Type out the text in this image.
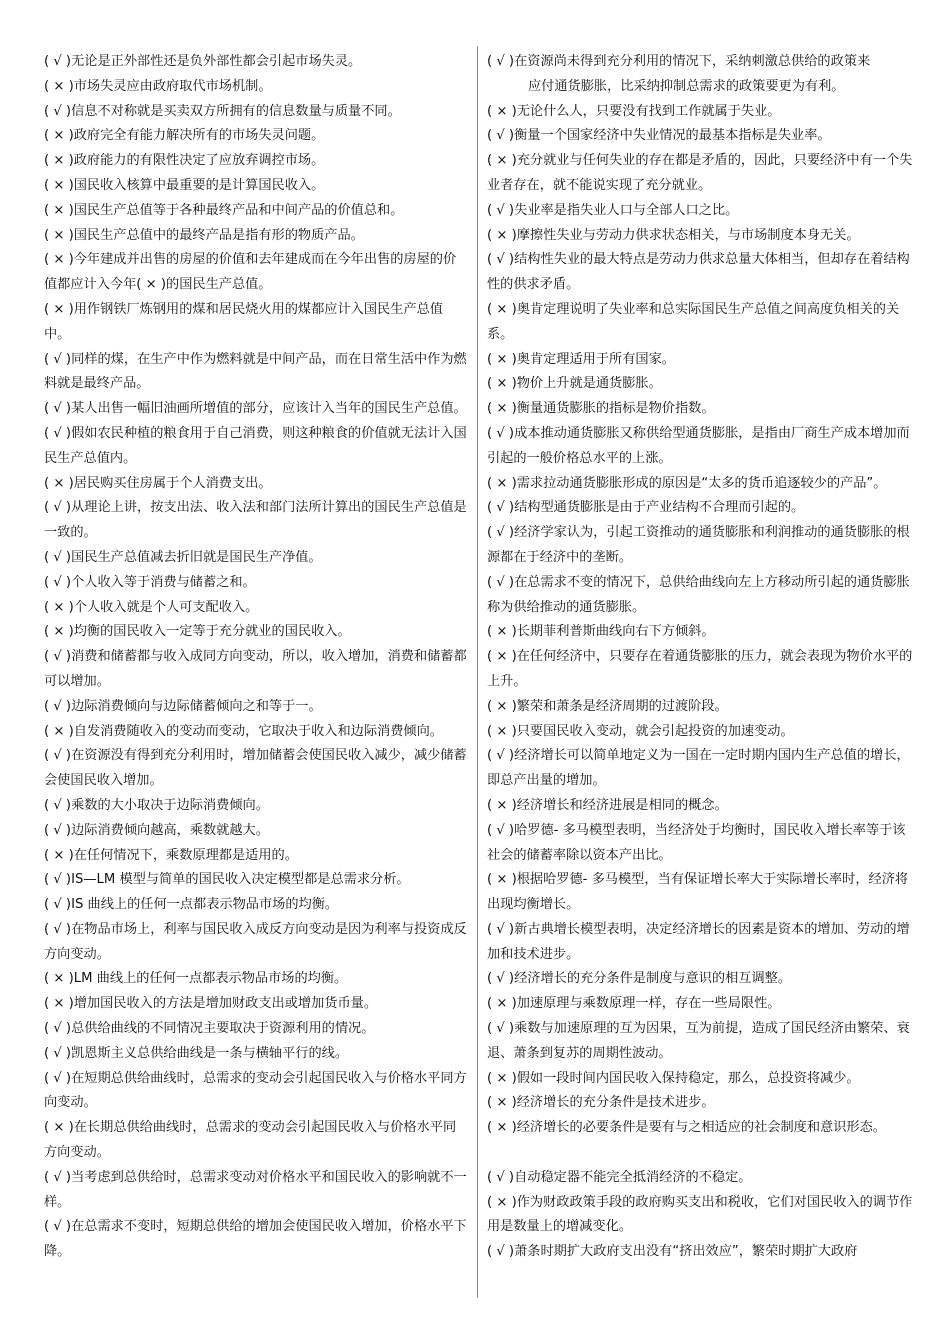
( √ )无论是正外部性还是负外部性都会引起市场失灵。

( × )市场失灵应由政府取代市场机制。

( √ )信息不对称就是买卖双方所拥有的信息数量与质量不同。

( × )政府完全有能力解决所有的市场失灵问题。

( × )政府能力的有限性决定了应放弃调控市场。

( × )国民收入核算中最重要的是计算国民收入。

( × )国民生产总值等于各种最终产品和中间产品的价值总和。

( × )国民生产总值中的最终产品是指有形的物质产品。

( × )今年建成并出售的房屋的价值和去年建成而在今年出售的房屋的价值都应计入今年( × )的国民生产总值。

( × )用作钢铁厂炼钢用的煤和居民烧火用的煤都应计入国民生产总值中。

( √ )同样的煤，在生产中作为燃料就是中间产品，而在日常生活中作为燃料就是最终产品。

( √ )某人出售一幅旧油画所增值的部分，应该计入当年的国民生产总值。

( √ )假如农民种植的粮食用于自己消费，则这种粮食的价值就无法计入国民生产总值内。

( × )居民购买住房属于个人消费支出。

( √ )从理论上讲，按支出法、收入法和部门法所计算出的国民生产总值是一致的。

( √ )国民生产总值减去折旧就是国民生产净值。

( √ )个人收入等于消费与储蓄之和。

( × )个人收入就是个人可支配收入。

( × )均衡的国民收入一定等于充分就业的国民收入。

( √ )消费和储蓄都与收入成同方向变动，所以，收入增加，消费和储蓄都可以增加。

( √ )边际消费倾向与边际储蓄倾向之和等于一。

( × )自发消费随收入的变动而变动，它取决于收入和边际消费倾向。

( √ )在资源没有得到充分利用时，增加储蓄会使国民收入减少，减少储蓄会使国民收入增加。

( √ )乘数的大小取决于边际消费倾向。

( √ )边际消费倾向越高，乘数就越大。

( × )在任何情况下，乘数原理都是适用的。

( √ )IS—LM 模型与简单的国民收入决定模型都是总需求分析。

( √ )IS 曲线上的任何一点都表示物品市场的均衡。

( √ )在物品市场上，利率与国民收入成反方向变动是因为利率与投资成反方向变动。

( × )LM 曲线上的任何一点都表示物品市场的均衡。

( × )增加国民收入的方法是增加财政支出或增加货币量。

( √ )总供给曲线的不同情况主要取决于资源利用的情况。

( √ )凯恩斯主义总供给曲线是一条与横轴平行的线。

( √ )在短期总供给曲线时，总需求的变动会引起国民收入与价格水平同方向变动。

( × )在长期总供给曲线时，总需求的变动会引起国民收入与价格水平同方向变动。

( √ )当考虑到总供给时，总需求变动对价格水平和国民收入的影响就不一样。

( √ )在总需求不变时，短期总供给的增加会使国民收入增加，价格水平下降。

( √ )在资源尚未得到充分利用的情况下，采纳刺激总供给的政策来

应付通货膨胀，比采纳抑制总需求的政策要更为有利。

( × )无论什么人，只要没有找到工作就属于失业。

( √ )衡量一个国家经济中失业情况的最基本指标是失业率。

( × )充分就业与任何失业的存在都是矛盾的，因此，只要经济中有一个失业者存在，就不能说实现了充分就业。

( √ )失业率是指失业人口与全部人口之比。

( × )摩擦性失业与劳动力供求状态相关，与市场制度本身无关。

( √ )结构性失业的最大特点是劳动力供求总量大体相当，但却存在着结构性的供求矛盾。

( × )奥肯定理说明了失业率和总实际国民生产总值之间高度负相关的关系。

( × )奥肯定理适用于所有国家。

( × )物价上升就是通货膨胀。

( × )衡量通货膨胀的指标是物价指数。

( √ )成本推动通货膨胀又称供给型通货膨胀，是指由厂商生产成本增加而引起的一般价格总水平的上涨。

( × )需求拉动通货膨胀形成的原因是“太多的货币追逐较少的产品”。

( √ )结构型通货膨胀是由于产业结构不合理而引起的。

( √ )经济学家认为，引起工资推动的通货膨胀和利润推动的通货膨胀的根源都在于经济中的垄断。

( √ )在总需求不变的情况下，总供给曲线向左上方移动所引起的通货膨胀称为供给推动的通货膨胀。

( × )长期菲利普斯曲线向右下方倾斜。

( × )在任何经济中，只要存在着通货膨胀的压力，就会表现为物价水平的上升。

( × )繁荣和萧条是经济周期的过渡阶段。

( × )只要国民收入变动，就会引起投资的加速变动。

( √ )经济增长可以简单地定义为一国在一定时期内国内生产总值的增长，即总产出量的增加。

( × )经济增长和经济进展是相同的概念。

( √ )哈罗德- 多马模型表明，当经济处于均衡时，国民收入增长率等于该社会的储蓄率除以资本产出比。

( × )根据哈罗德- 多马模型，当有保证增长率大于实际增长率时，经济将出现均衡增长。

( √ )新古典增长模型表明，决定经济增长的因素是资本的增加、劳动的增加和技术进步。

( √ )经济增长的充分条件是制度与意识的相互调整。

( × )加速原理与乘数原理一样，存在一些局限性。

( √ )乘数与加速原理的互为因果，互为前提，造成了国民经济由繁荣、衰退、萧条到复苏的周期性波动。

( × )假如一段时间内国民收入保持稳定，那么，总投资将减少。

( × )经济增长的充分条件是技术进步。

( × )经济增长的必要条件是要有与之相适应的社会制度和意识形态。

( √ )自动稳定器不能完全抵消经济的不稳定。

( × )作为财政政策手段的政府购买支出和税收，它们对国民收入的调节作用是数量上的增减变化。

( √ )萧条时期扩大政府支出没有“挤出效应”，繁荣时期扩大政府
